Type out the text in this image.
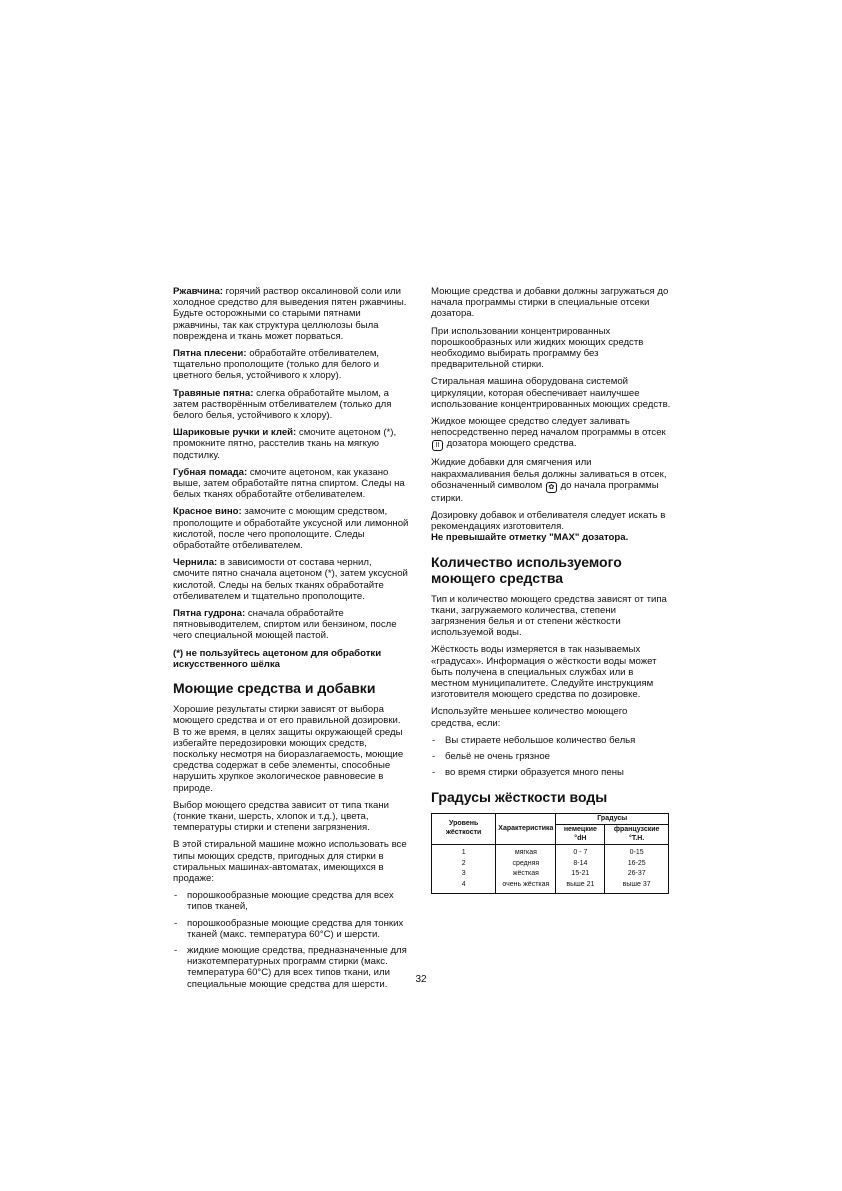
Ржавчина: горячий раствор оксалиновой соли или холодное средство для выведения пятен ржавчины. Будьте осторожными со старыми пятнами ржавчины, так как структура целлюлозы была повреждена и ткань может порваться.

Пятна плесени: обработайте отбеливателем, тщательно прополощите (только для белого и цветного белья, устойчивого к хлору).

Травяные пятна: слегка обработайте мылом, а затем растворённым отбеливателем (только для белого белья, устойчивого к хлору).

Шариковые ручки и клей: смочите ацетоном (*), промокните пятно, расстелив ткань на мягкую подстилку.

Губная помада: смочите ацетоном, как указано выше, затем обработайте пятна спиртом. Следы на белых тканях обработайте отбеливателем.

Красное вино: замочите с моющим средством, прополощите и обработайте уксусной или лимонной кислотой, после чего прополощите. Следы обработайте отбеливателем.

Чернила: в зависимости от состава чернил, смочите пятно сначала ацетоном (*), затем уксусной кислотой. Следы на белых тканях обработайте отбеливателем и тщательно прополощите.

Пятна гудрона: сначала обработайте пятновыводителем, спиртом или бензином, после чего специальной моющей пастой.

(*) не пользуйтесь ацетоном для обработки искусственного шёлка

Моющие средства и добавки

Хорошие результаты стирки зависят от выбора моющего средства и от его правильной дозировки. В то же время, в целях защиты окружающей среды избегайте передозировки моющих средств, поскольку несмотря на биоразлагаемость, моющие средства содержат в себе элементы, способные нарушить хрупкое экологическое равновесие в природе.

Выбор моющего средства зависит от типа ткани (тонкие ткани, шерсть, хлопок и т.д.), цвета, температуры стирки и степени загрязнения.

В этой стиральной машине можно использовать все типы моющих средств, пригодных для стирки в стиральных машинах-автоматах, имеющихся в продаже:

- порошкообразные моющие средства для всех типов тканей,
- порошкообразные моющие средства для тонких тканей (макс. температура 60°C) и шерсти.
- жидкие моющие средства, предназначенные для низкотемпературных программ стирки (макс. температура 60°C) для всех типов ткани, или специальные моющие средства для шерсти.

Моющие средства и добавки должны загружаться до начала программы стирки в специальные отсеки дозатора.

При использовании концентрированных порошкообразных или жидких моющих средств необходимо выбирать программу без предварительной стирки.

Стиральная машина оборудована системой циркуляции, которая обеспечивает наилучшее использование концентрированных моющих средств.

Жидкое моющее средство следует заливать непосредственно перед началом программы в отсек II дозатора моющего средства.

Жидкие добавки для смягчения или накрахмаливания белья должны заливаться в отсек, обозначенный символом ✿ до начала программы стирки.

Дозировку добавок и отбеливателя следует искать в рекомендациях изготовителя.
Не превышайте отметку "MAX" дозатора.

Количество используемого моющего средства

Тип и количество моющего средства зависят от типа ткани, загружаемого количества, степени загрязнения белья и от степени жёсткости используемой воды.

Жёсткость воды измеряется в так называемых «градусах». Информация о жёсткости воды может быть получена в специальных службах или в местном муниципалитете. Следуйте инструкциям изготовителя моющего средства по дозировке.

Используйте меньшее количество моющего средства, если:

- Вы стираете небольшое количество белья
- бельё не очень грязное
- во время стирки образуется много пены
Градусы жёсткости воды
Уровень жёсткости	Характеристика	Градусы	
		немецкие °dH	французские °T.H.
1	мягкая	0 - 7	0-15
2	средняя	8-14	16-25
3	жёсткая	15-21	26-37
4	очень жёсткая	выше 21	выше 37
32
